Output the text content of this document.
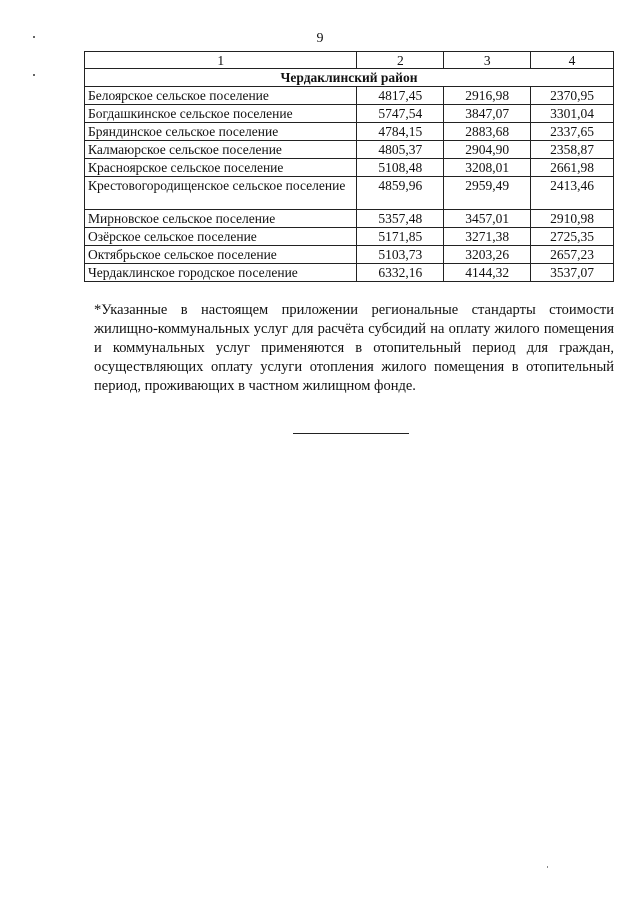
9
1	2	3	4
Чердаклинский район			
Белоярское сельское поселение	4817,45	2916,98	2370,95
Богдашкинское сельское поселение	5747,54	3847,07	3301,04
Бряндинское сельское поселение	4784,15	2883,68	2337,65
Калмаюрское сельское поселение	4805,37	2904,90	2358,87
Красноярское сельское поселение	5108,48	3208,01	2661,98
Крестовогородищенское сельское поселение	4859,96	2959,49	2413,46
Мирновское сельское поселение	5357,48	3457,01	2910,98
Озёрское сельское поселение	5171,85	3271,38	2725,35
Октябрьское сельское поселение	5103,73	3203,26	2657,23
Чердаклинское городское поселение	6332,16	4144,32	3537,07

*Указанные в настоящем приложении региональные стандарты стоимости жилищно-коммунальных услуг для расчёта субсидий на оплату жилого помещения и коммунальных услуг применяются в отопительный период для граждан, осуществляющих оплату услуги отопления жилого помещения в отопительный период, проживающих в частном жилищном фонде.
